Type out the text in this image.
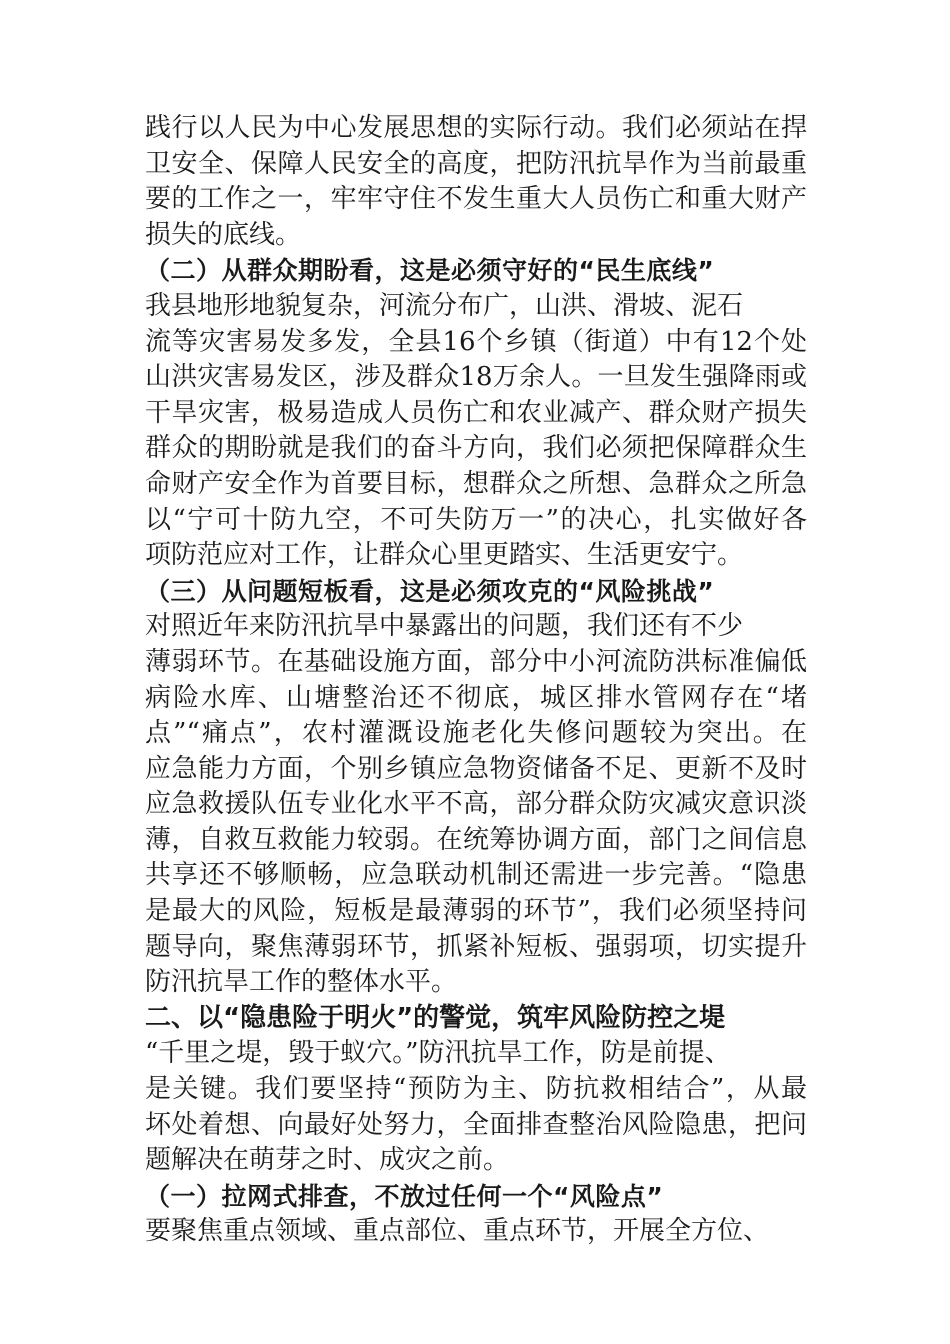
践行以人民为中心发展思想的实际行动。我们必须站在捍

卫安全、保障人民安全的高度，把防汛抗旱作为当前最重

要的工作之一，牢牢守住不发生重大人员伤亡和重大财产

损失的底线。

（二）从群众期盼看，这是必须守好的“民生底线”

我县地形地貌复杂，河流分布广，山洪、滑坡、泥石

流等灾害易发多发，全县16个乡镇（街道）中有12个处

山洪灾害易发区，涉及群众18万余人。一旦发生强降雨或

干旱灾害，极易造成人员伤亡和农业减产、群众财产损失

群众的期盼就是我们的奋斗方向，我们必须把保障群众生

命财产安全作为首要目标，想群众之所想、急群众之所急

以“宁可十防九空，不可失防万一”的决心，扎实做好各

项防范应对工作，让群众心里更踏实、生活更安宁。

（三）从问题短板看，这是必须攻克的“风险挑战”

对照近年来防汛抗旱中暴露出的问题，我们还有不少

薄弱环节。在基础设施方面，部分中小河流防洪标准偏低

病险水库、山塘整治还不彻底，城区排水管网存在“堵

点”“痛点”，农村灌溉设施老化失修问题较为突出。在

应急能力方面，个别乡镇应急物资储备不足、更新不及时

应急救援队伍专业化水平不高，部分群众防灾减灾意识淡

薄，自救互救能力较弱。在统筹协调方面，部门之间信息

共享还不够顺畅，应急联动机制还需进一步完善。“隐患

是最大的风险，短板是最薄弱的环节”，我们必须坚持问

题导向，聚焦薄弱环节，抓紧补短板、强弱项，切实提升

防汛抗旱工作的整体水平。

二、以“隐患险于明火”的警觉，筑牢风险防控之堤

“千里之堤，毁于蚁穴。”防汛抗旱工作，防是前提、

是关键。我们要坚持“预防为主、防抗救相结合”，从最

坏处着想、向最好处努力，全面排查整治风险隐患，把问

题解决在萌芽之时、成灾之前。

（一）拉网式排查，不放过任何一个“风险点”

要聚焦重点领域、重点部位、重点环节，开展全方位、
